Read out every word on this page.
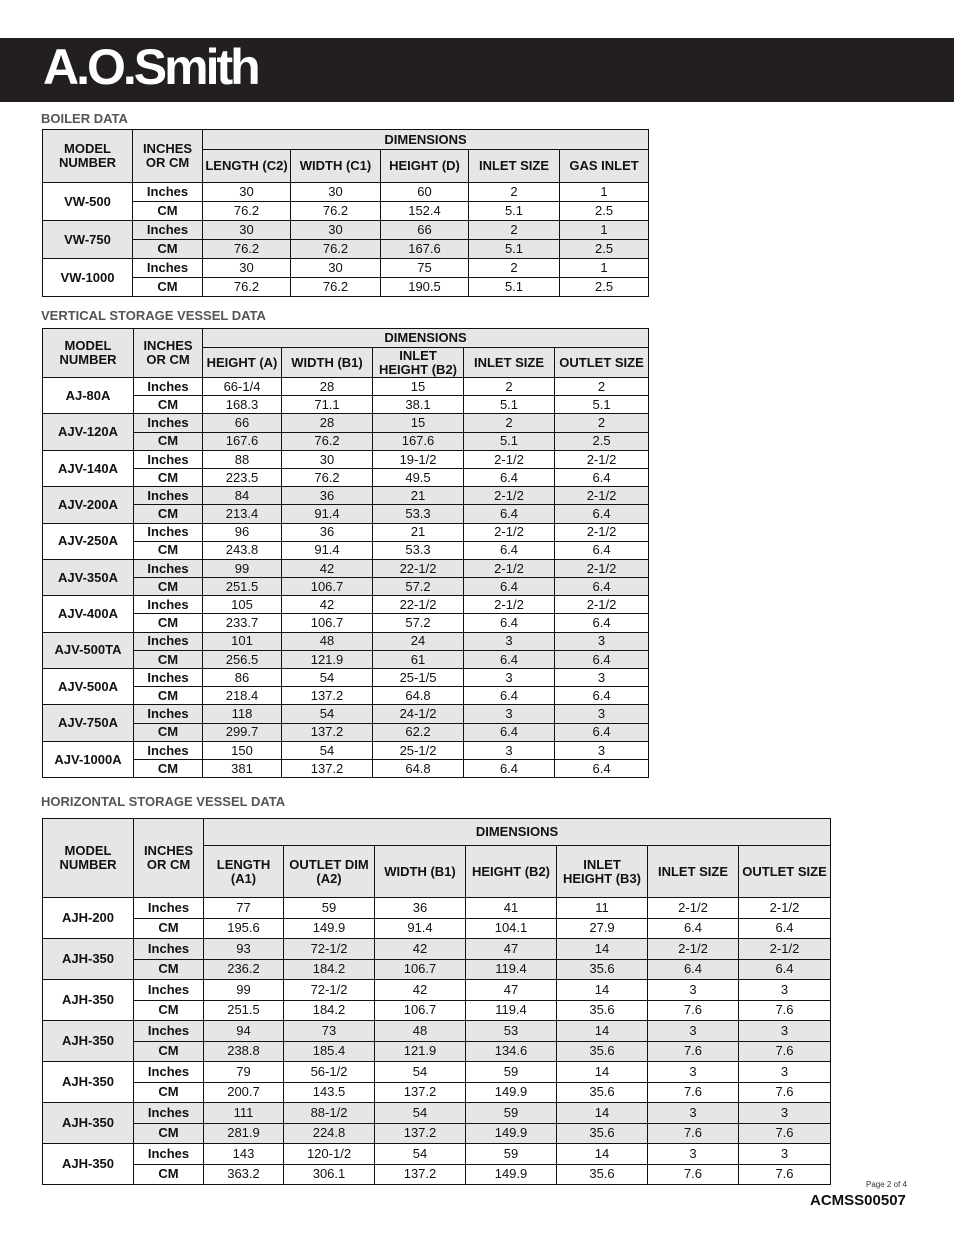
A.O.Smith
BOILER DATA
MODEL NUMBER	INCHES OR CM	DIMENSIONS				
		LENGTH (C2)	WIDTH (C1)	HEIGHT (D)	INLET SIZE	GAS INLET
VW-500	Inches	30	30	60	2	1
	CM	76.2	76.2	152.4	5.1	2.5
VW-750	Inches	30	30	66	2	1
	CM	76.2	76.2	167.6	5.1	2.5
VW-1000	Inches	30	30	75	2	1
	CM	76.2	76.2	190.5	5.1	2.5
VERTICAL STORAGE VESSEL DATA
MODEL NUMBER	INCHES OR CM	DIMENSIONS				
		HEIGHT (A)	WIDTH (B1)	INLET HEIGHT (B2)	INLET SIZE	OUTLET SIZE
AJ-80A	Inches	66-1/4	28	15	2	2
	CM	168.3	71.1	38.1	5.1	5.1
AJV-120A	Inches	66	28	15	2	2
	CM	167.6	76.2	167.6	5.1	2.5
AJV-140A	Inches	88	30	19-1/2	2-1/2	2-1/2
	CM	223.5	76.2	49.5	6.4	6.4
AJV-200A	Inches	84	36	21	2-1/2	2-1/2
	CM	213.4	91.4	53.3	6.4	6.4
AJV-250A	Inches	96	36	21	2-1/2	2-1/2
	CM	243.8	91.4	53.3	6.4	6.4
AJV-350A	Inches	99	42	22-1/2	2-1/2	2-1/2
	CM	251.5	106.7	57.2	6.4	6.4
AJV-400A	Inches	105	42	22-1/2	2-1/2	2-1/2
	CM	233.7	106.7	57.2	6.4	6.4
AJV-500TA	Inches	101	48	24	3	3
	CM	256.5	121.9	61	6.4	6.4
AJV-500A	Inches	86	54	25-1/5	3	3
	CM	218.4	137.2	64.8	6.4	6.4
AJV-750A	Inches	118	54	24-1/2	3	3
	CM	299.7	137.2	62.2	6.4	6.4
AJV-1000A	Inches	150	54	25-1/2	3	3
	CM	381	137.2	64.8	6.4	6.4
HORIZONTAL STORAGE VESSEL DATA
MODEL NUMBER	INCHES OR CM	DIMENSIONS						
		LENGTH (A1)	OUTLET DIM (A2)	WIDTH (B1)	HEIGHT (B2)	INLET HEIGHT (B3)	INLET SIZE	OUTLET SIZE
AJH-200	Inches	77	59	36	41	11	2-1/2	2-1/2
	CM	195.6	149.9	91.4	104.1	27.9	6.4	6.4
AJH-350	Inches	93	72-1/2	42	47	14	2-1/2	2-1/2
	CM	236.2	184.2	106.7	119.4	35.6	6.4	6.4
AJH-350	Inches	99	72-1/2	42	47	14	3	3
	CM	251.5	184.2	106.7	119.4	35.6	7.6	7.6
AJH-350	Inches	94	73	48	53	14	3	3
	CM	238.8	185.4	121.9	134.6	35.6	7.6	7.6
AJH-350	Inches	79	56-1/2	54	59	14	3	3
	CM	200.7	143.5	137.2	149.9	35.6	7.6	7.6
AJH-350	Inches	111	88-1/2	54	59	14	3	3
	CM	281.9	224.8	137.2	149.9	35.6	7.6	7.6
AJH-350	Inches	143	120-1/2	54	59	14	3	3
	CM	363.2	306.1	137.2	149.9	35.6	7.6	7.6
Page 2 of 4
ACMSS00507
